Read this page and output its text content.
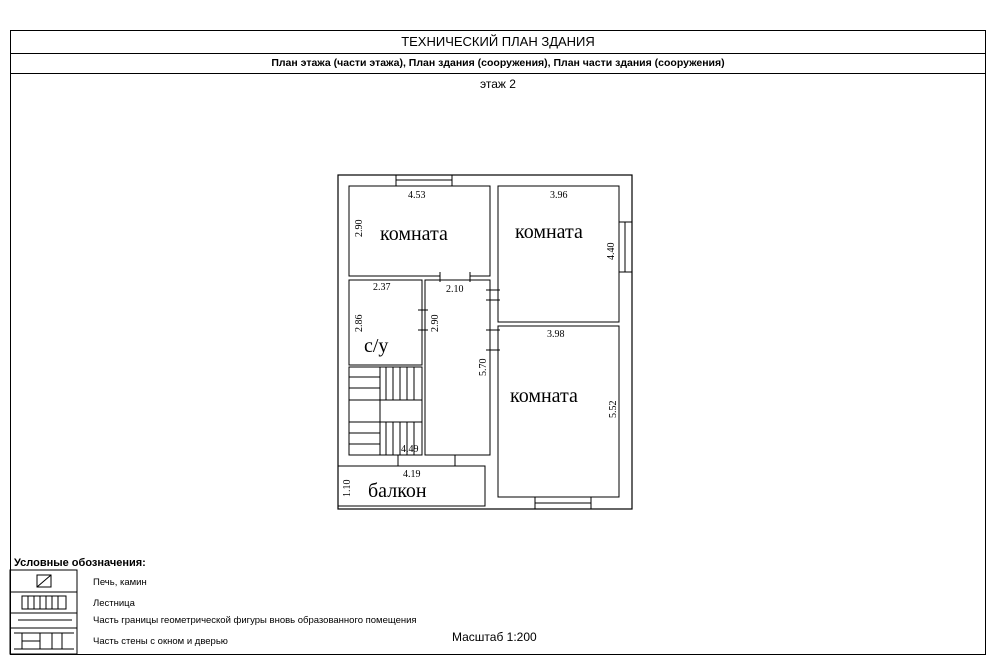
ТЕХНИЧЕСКИЙ ПЛАН ЗДАНИЯ
План этажа (части этажа), План здания (сооружения), План части здания (сооружения)
этаж 2
комната	комната
с/у
комната
балкон
4.53
2.90
3.96
4.40
2.37
2.86
2.10
2.90
5.70
3.98
5.52
4.49
4.19
1.10
Условные обозначения:
Печь, камин
Лестница
Часть границы геометрической фигуры вновь образованного помещения
Часть стены с окном и дверью	Масштаб 1:200
